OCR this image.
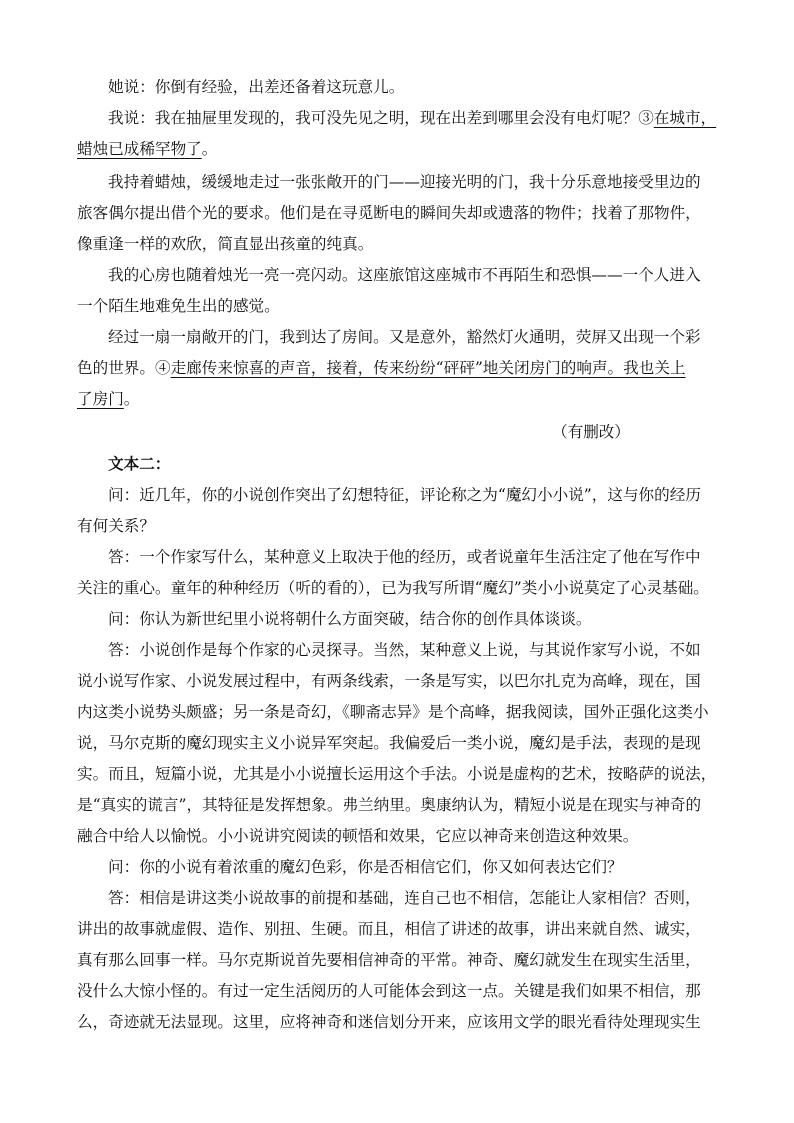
她说：你倒有经验，出差还备着这玩意儿。
我说：我在抽屉里发现的，我可没先见之明，现在出差到哪里会没有电灯呢？③在城市，
蜡烛已成稀罕物了。
我持着蜡烛，缓缓地走过一张张敞开的门——迎接光明的门，我十分乐意地接受里边的
旅客偶尔提出借个光的要求。他们是在寻觅断电的瞬间失却或遗落的物件；找着了那物件，
像重逢一样的欢欣，简直显出孩童的纯真。
我的心房也随着烛光一亮一亮闪动。这座旅馆这座城市不再陌生和恐惧——一个人进入
一个陌生地难免生出的感觉。
经过一扇一扇敞开的门，我到达了房间。又是意外，豁然灯火通明，荧屏又出现一个彩
色的世界。④走廊传来惊喜的声音，接着，传来纷纷“砰砰”地关闭房门的响声。我也关上
了房门。
（有删改）
文本二：
问：近几年，你的小说创作突出了幻想特征，评论称之为“魔幻小小说”，这与你的经历
有何关系？
答：一个作家写什么，某种意义上取决于他的经历，或者说童年生活注定了他在写作中
关注的重心。童年的种种经历（听的看的），已为我写所谓“魔幻”类小小说莫定了心灵基础。
问：你认为新世纪里小说将朝什么方面突破，结合你的创作具体谈谈。
答：小说创作是每个作家的心灵探寻。当然，某种意义上说，与其说作家写小说，不如
说小说写作家、小说发展过程中，有两条线索，一条是写实，以巴尔扎克为高峰，现在，国
内这类小说势头颇盛；另一条是奇幻，《聊斋志异》是个高峰，据我阅读，国外正强化这类小
说，马尔克斯的魔幻现实主义小说异军突起。我偏爱后一类小说，魔幻是手法，表现的是现
实。而且，短篇小说，尤其是小小说擅长运用这个手法。小说是虚构的艺术，按略萨的说法，
是“真实的谎言”，其特征是发挥想象。弗兰纳里。奥康纳认为，精短小说是在现实与神奇的
融合中给人以愉悦。小小说讲究阅读的顿悟和效果，它应以神奇来创造这种效果。
问：你的小说有着浓重的魔幻色彩，你是否相信它们，你又如何表达它们？
答：相信是讲这类小说故事的前提和基础，连自己也不相信，怎能让人家相信？否则，
讲出的故事就虚假、造作、别扭、生硬。而且，相信了讲述的故事，讲出来就自然、诚实，
真有那么回事一样。马尔克斯说首先要相信神奇的平常。神奇、魔幻就发生在现实生活里，
没什么大惊小怪的。有过一定生活阅历的人可能体会到这一点。关键是我们如果不相信，那
么，奇迹就无法显现。这里，应将神奇和迷信划分开来，应该用文学的眼光看待处理现实生
